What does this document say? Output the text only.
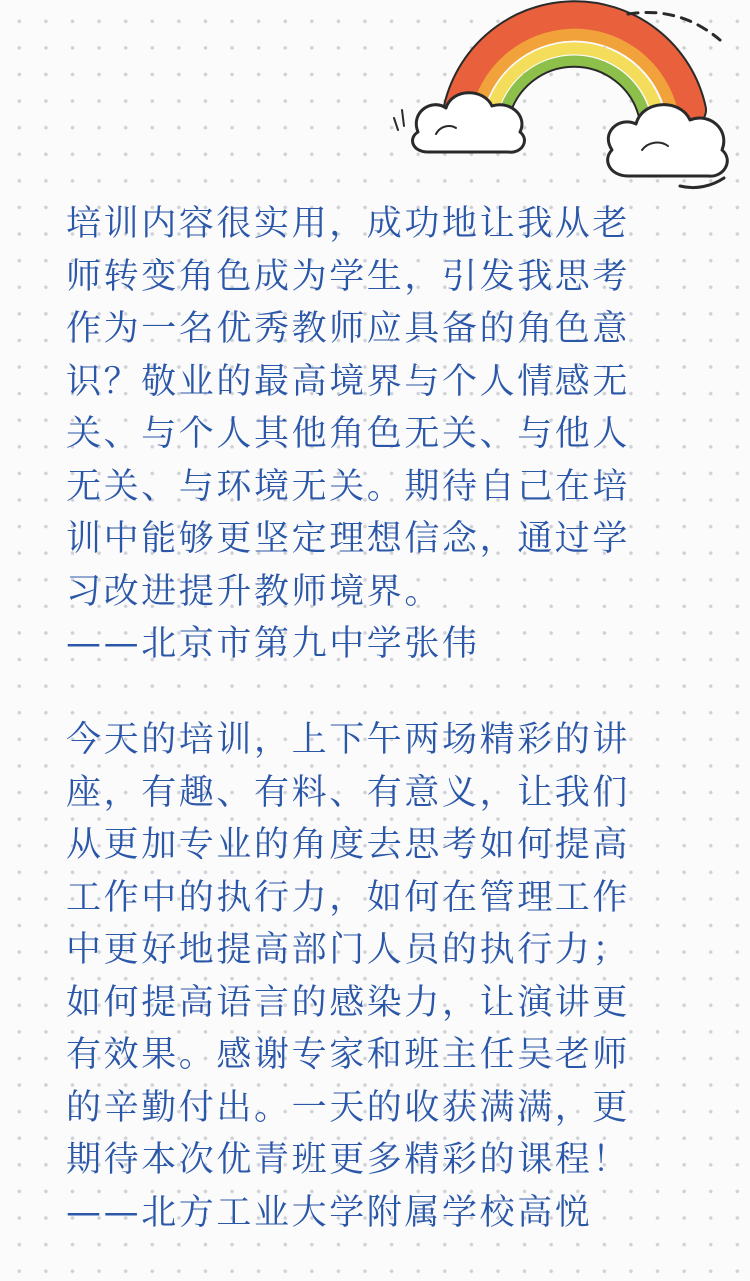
培训内容很实用，成功地让我从老

师转变角色成为学生，引发我思考

作为一名优秀教师应具备的角色意

识？敬业的最高境界与个人情感无

关、与个人其他角色无关、与他人

无关、与环境无关。期待自己在培

训中能够更坚定理想信念，通过学

习改进提升教师境界。

——北京市第九中学张伟

今天的培训，上下午两场精彩的讲

座，有趣、有料、有意义，让我们

从更加专业的角度去思考如何提高

工作中的执行力，如何在管理工作

中更好地提高部门人员的执行力；

如何提高语言的感染力，让演讲更

有效果。感谢专家和班主任吴老师

的辛勤付出。一天的收获满满，更

期待本次优青班更多精彩的课程！

——北方工业大学附属学校高悦
